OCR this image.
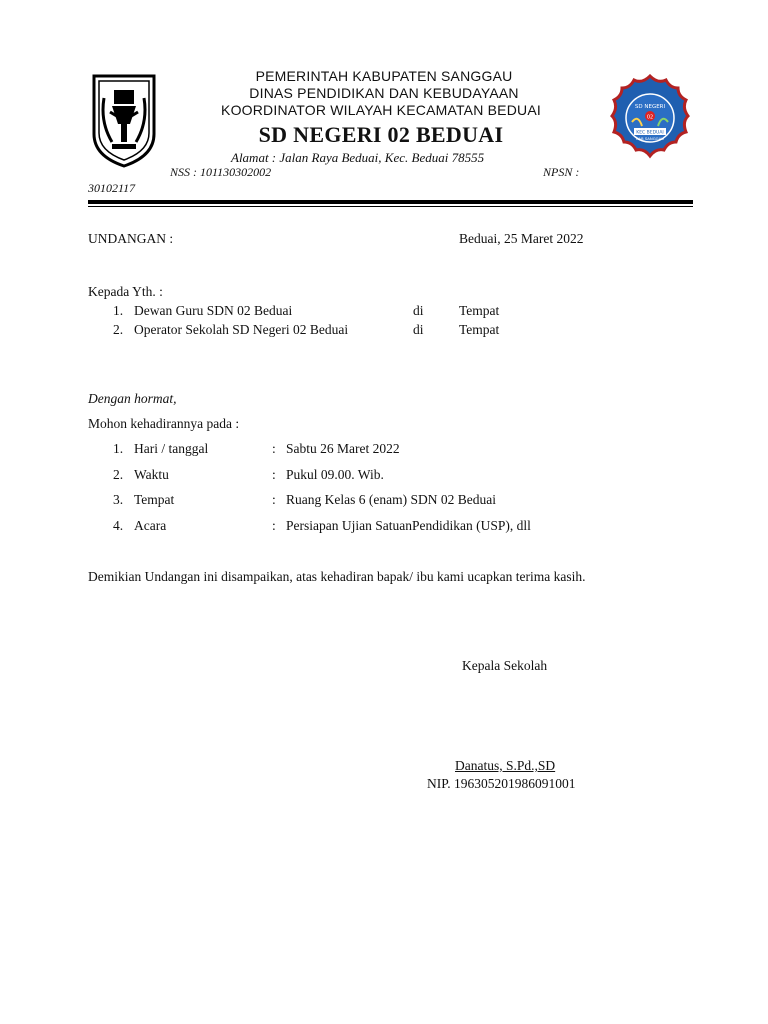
SD NEGERI
02
KEC BEDUAI
KAB SANGGAU
PEMERINTAH KABUPATEN SANGGAU
DINAS PENDIDIKAN DAN KEBUDAYAAN
KOORDINATOR WILAYAH KECAMATAN BEDUAI
SD NEGERI 02 BEDUAI
Alamat : Jalan Raya Beduai, Kec. Beduai 78555
NSS : 101130302002	NPSN :
30102117
UNDANGAN :	Beduai, 25 Maret 2022
Kepada Yth. :
1. Dewan Guru SDN 02 Beduai	di	Tempat
2. Operator Sekolah SD Negeri 02 Beduai	di	Tempat
Dengan hormat,
Mohon kehadirannya pada :
1. Hari / tanggal	: Sabtu 26 Maret 2022
2. Waktu	: Pukul 09.00. Wib.
3. Tempat	: Ruang Kelas 6 (enam) SDN 02 Beduai
4. Acara	: Persiapan Ujian SatuanPendidikan (USP), dll
Demikian Undangan ini disampaikan, atas kehadiran bapak/ ibu kami ucapkan terima kasih.
Kepala Sekolah
Danatus, S.Pd.,SD
NIP. 196305201986091001
